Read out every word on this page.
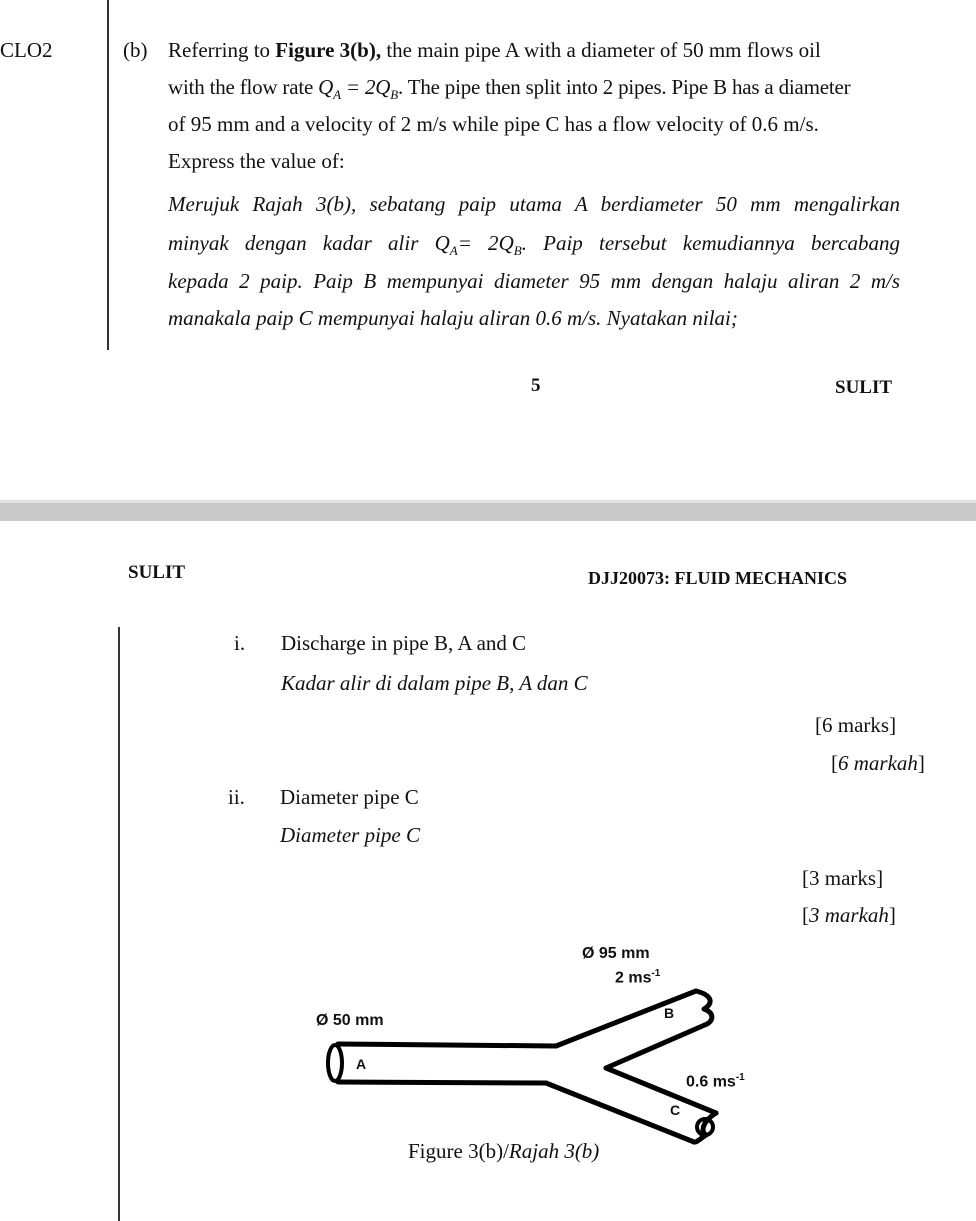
CLO2	(b) Referring to Figure 3(b), the main pipe A with a diameter of 50 mm flows oil
with the flow rate $Q_A = 2Q_B$. The pipe then split into 2 pipes. Pipe B has a diameter
of 95 mm and a velocity of 2 m/s while pipe C has a flow velocity of 0.6 m/s.
Express the value of:
Merujuk Rajah 3(b), sebatang paip utama A berdiameter 50 mm mengalirkan
minyak dengan kadar alir $Q_A= 2Q_B$. Paip tersebut kemudiannya bercabang
kepada 2 paip. Paip B mempunyai diameter 95 mm dengan halaju aliran 2 m/s
manakala paip C mempunyai halaju aliran 0.6 m/s. Nyatakan nilai;
5	SULIT
SULIT	DJJ20073: FLUID MECHANICS
i. Discharge in pipe B, A and C
Kadar alir di dalam pipe B, A dan C
[6 marks]
[6 markah]
ii. Diameter pipe C
Diameter pipe C
[3 marks]
[3 markah]
Ø 95 mm
2 $ms^{-1}$
Ø 50 mm
A
B
0.6 $ms^{-1}$
C
Figure 3(b)/Rajah 3(b)
